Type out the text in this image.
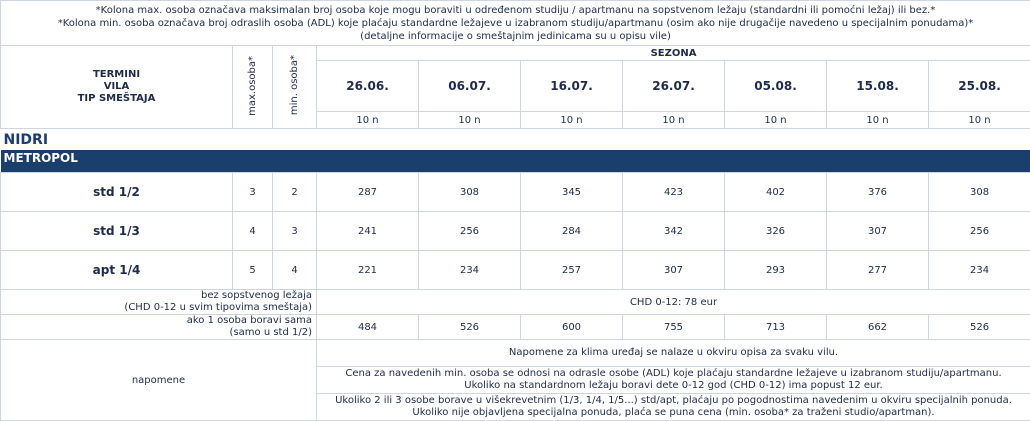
*Kolona max. osoba označava maksimalan broj osoba koje mogu boraviti u određenom studiju / apartmanu na sopstvenom ležaju (standardni ili pomoćni ležaj) ili bez.*
*Kolona min. osoba označava broj odraslih osoba (ADL) koje plaćaju standardne ležajeve u izabranom studiju/apartmanu (osim ako nije drugačije navedeno u specijalnim ponudama)*
(detaljne informacije o smeštajnim jedinicama su u opisu vile)									

TERMINI
VILA
TIP SMEŠTAJA	max.osoba*	min. osoba*	SEZONA						
			26.06.	06.07.	16.07.	26.07.	05.08.	15.08.	25.08.
			10 n	10 n	10 n	10 n	10 n	10 n	10 n
NIDRI									
METROPOL									

std 1/2	3	2	287	308	345	423	402	376	308
std 1/3	4	3	241	256	284	342	326	307	256
apt 1/4	5	4	221	234	257	307	293	277	234

bez sopstvenog ležaja
(CHD 0-12 u svim tipovima smeštaja)			CHD 0-12: 78 eur						

ako 1 osoba boravi sama
(samo u std 1/2)			484	526	600	755	713	662	526
napomene			Napomene za klima uređaj se nalaze u okviru opisa za svaku vilu.						

			Cena za navedenih min. osoba se odnosi na odrasle osobe (ADL) koje plaćaju standardne ležajeve u izabranom studiju/apartmanu.
Ukoliko na standardnom ležaju boravi dete 0-12 god (CHD 0-12) ima popust 12 eur.						

			Ukoliko 2 ili 3 osobe borave u višekrevetnim (1/3, 1/4, 1/5...) std/apt, plaćaju po pogodnostima navedenim u okviru specijalnih ponuda.
Ukoliko nije objavljena specijalna ponuda, plaća se puna cena (min. osoba* za traženi studio/apartman).						
